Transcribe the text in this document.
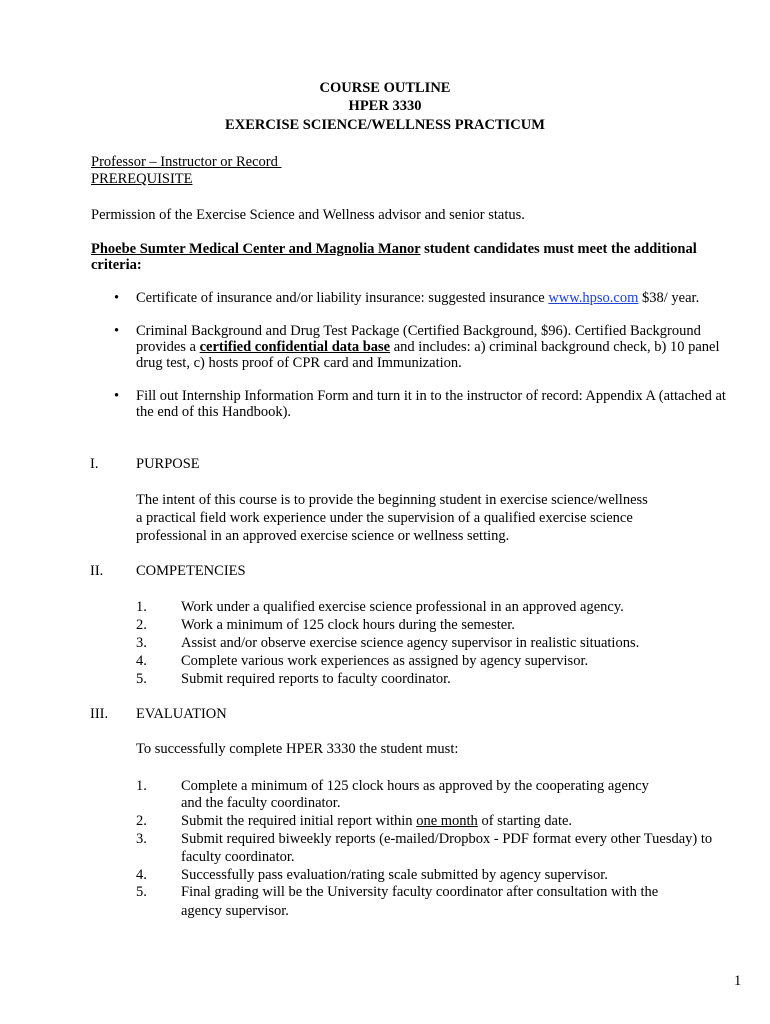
COURSE OUTLINE
HPER 3330
EXERCISE SCIENCE/WELLNESS PRACTICUM
Professor – Instructor or Record
PREREQUISITE
Permission of the Exercise Science and Wellness advisor and senior status.
Phoebe Sumter Medical Center and Magnolia Manor student candidates must meet the additional
criteria:
• Certificate of insurance and/or liability insurance: suggested insurance www.hpso.com $38/ year.
• Criminal Background and Drug Test Package (Certified Background, $96). Certified Background
provides a certified confidential data base and includes: a) criminal background check, b) 10 panel
drug test, c) hosts proof of CPR card and Immunization.
• Fill out Internship Information Form and turn it in to the instructor of record: Appendix A (attached at
the end of this Handbook).
I.	PURPOSE
The intent of this course is to provide the beginning student in exercise science/wellness
a practical field work experience under the supervision of a qualified exercise science
professional in an approved exercise science or wellness setting.
II. COMPETENCIES
1. Work under a qualified exercise science professional in an approved agency.
2. Work a minimum of 125 clock hours during the semester.
3. Assist and/or observe exercise science agency supervisor in realistic situations.
4. Complete various work experiences as assigned by agency supervisor.
5. Submit required reports to faculty coordinator.
III. EVALUATION
To successfully complete HPER 3330 the student must:
1. Complete a minimum of 125 clock hours as approved by the cooperating agency
and the faculty coordinator.
2. Submit the required initial report within one month of starting date.
3. Submit required biweekly reports (e-mailed/Dropbox - PDF format every other Tuesday) to
faculty coordinator.
4. Successfully pass evaluation/rating scale submitted by agency supervisor.
5. Final grading will be the University faculty coordinator after consultation with the
agency supervisor.
1
